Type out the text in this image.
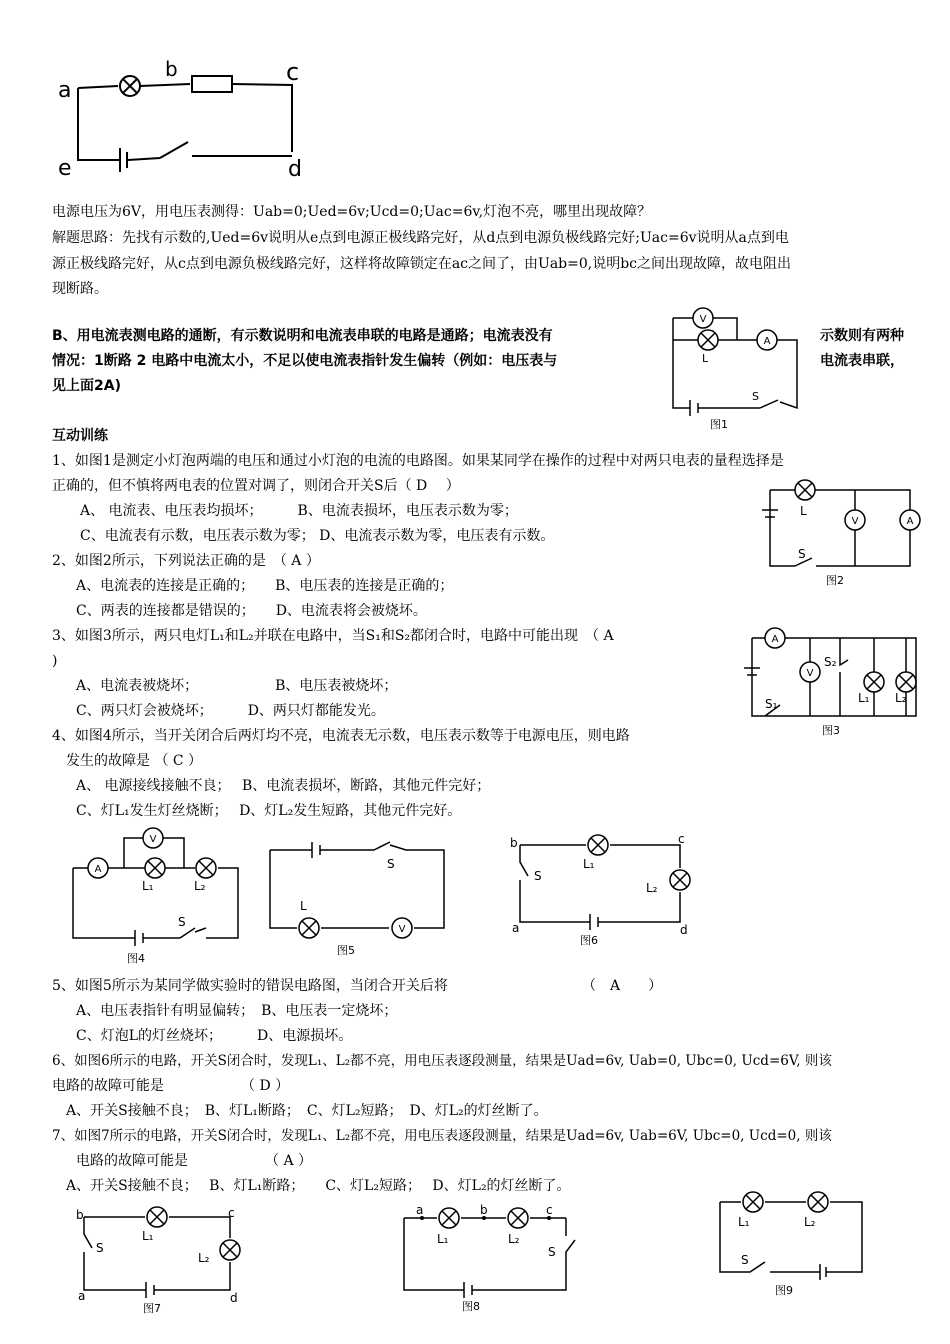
a
b	c
e	d
电源电压为6V，用电压表测得：Uab=0;Ued=6v;Ucd=0;Uac=6v,灯泡不亮，哪里出现故障？
解题思路：先找有示数的,Ued=6v说明从e点到电源正极线路完好，从d点到电源负极线路完好;Uac=6v说明从a点到电
源正极线路完好，从c点到电源负极线路完好，这样将故障锁定在ac之间了，由Uab=0,说明bc之间出现故障，故电阻出
现断路。
B、用电流表测电路的通断，有示数说明和电流表串联的电路是通路；电流表没有	示数则有两种
情况：1断路 2 电路中电流太小，不足以使电流表指针发生偏转（例如：电压表与	电流表串联，
见上面2A)
互动训练
1、如图1是测定小灯泡两端的电压和通过小灯泡的电流的电路图。如果某同学在操作的过程中对两只电表的量程选择是
正确的，但不慎将两电表的位置对调了，则闭合开关S后（ D　 ）
A、 电流表、电压表均损坏；　　　B、电流表损坏，电压表示数为零；
C、电流表有示数，电压表示数为零； D、电流表示数为零，电压表有示数。
2、如图2所示，下列说法正确的是　（ A ）
A、电流表的连接是正确的；　　B、电压表的连接是正确的；
C、两表的连接都是错误的；　　D、电流表将会被烧坏。
3、如图3所示，两只电灯L₁和L₂并联在电路中，当S₁和S₂都闭合时，电路中可能出现　（ A
)
A、电流表被烧坏；　　　　　　B、电压表被烧坏；
C、两只灯会被烧坏；　　　D、两只灯都能发光。
4、如图4所示，当开关闭合后两灯均不亮，电流表无示数，电压表示数等于电源电压，则电路
发生的故障是 （ C ）
A、 电源接线接触不良；　 B、电流表损坏，断路，其他元件完好；
C、灯L₁发生灯丝烧断；　 D、灯L₂发生短路，其他元件完好。
5、如图5所示为某同学做实验时的错误电路图，当闭合开关后将	（　A　　）
A、电压表指针有明显偏转；　B、电压表一定烧坏；
C、灯泡L的灯丝烧坏；　　　D、电源损坏。
6、如图6所示的电路，开关S闭合时，发现L₁、L₂都不亮，用电压表逐段测量，结果是Uad=6v, Uab=0, Ubc=0, Ucd=6V, 则该
电路的故障可能是　　　　　　（ D ）
A、开关S接触不良；　B、灯L₁断路；　C、灯L₂短路；　D、灯L₂的灯丝断了。
7、如图7所示的电路，开关S闭合时，发现L₁、L₂都不亮，用电压表逐段测量，结果是Uad=6v, Uab=6V, Ubc=0, Ucd=0, 则该
电路的故障可能是　　　　　　（ A ）
A、开关S接触不良；　 B、灯L₁断路；　　C、灯L₂短路；　 D、灯L₂的灯丝断了。
V
A
L
S
图1
V	A
L
S
图2
A
V
S₂
L₁ L₂
S₁
图3
A
V
L₁	L₂
S
图4
V
L
S
图5
b	c
a	d
L₁
L₂
S
图6
b	c
a	d
L₁
L₂
S
图7
a	b	c
L₁	L₂
S
图8
L₁	L₂
S
图9
